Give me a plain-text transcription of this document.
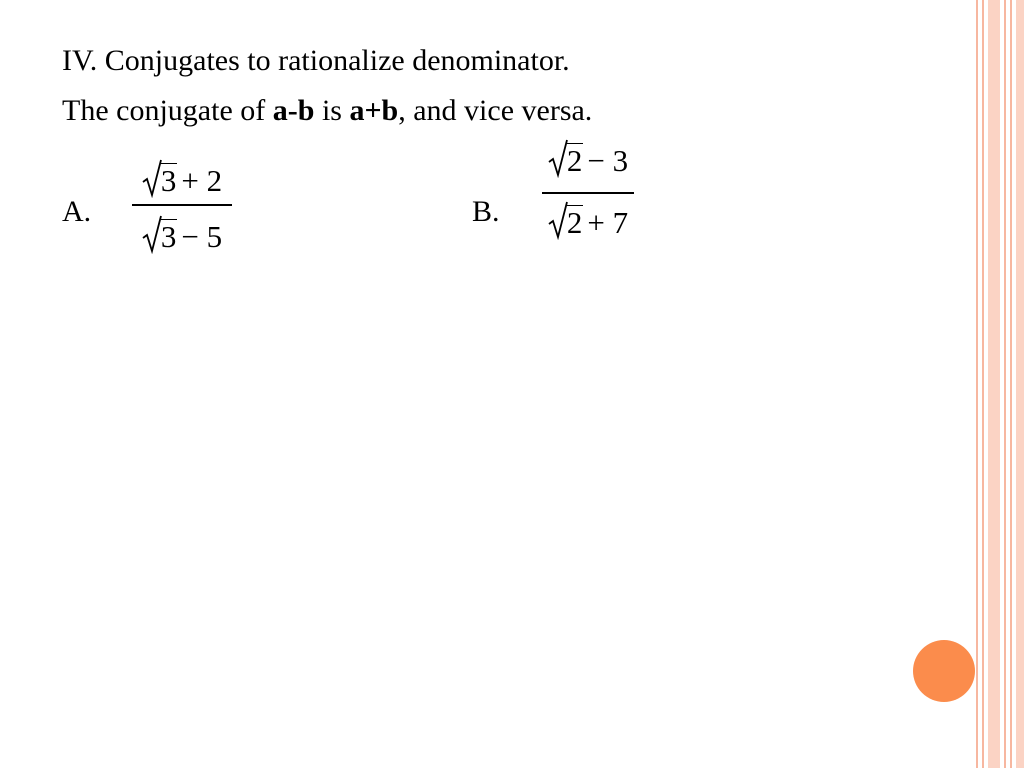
IV. Conjugates to rationalize denominator.
The conjugate of a-b is a+b, and vice versa.
A.
3 + 2
3 − 5
B.
2 − 3
2 + 7
